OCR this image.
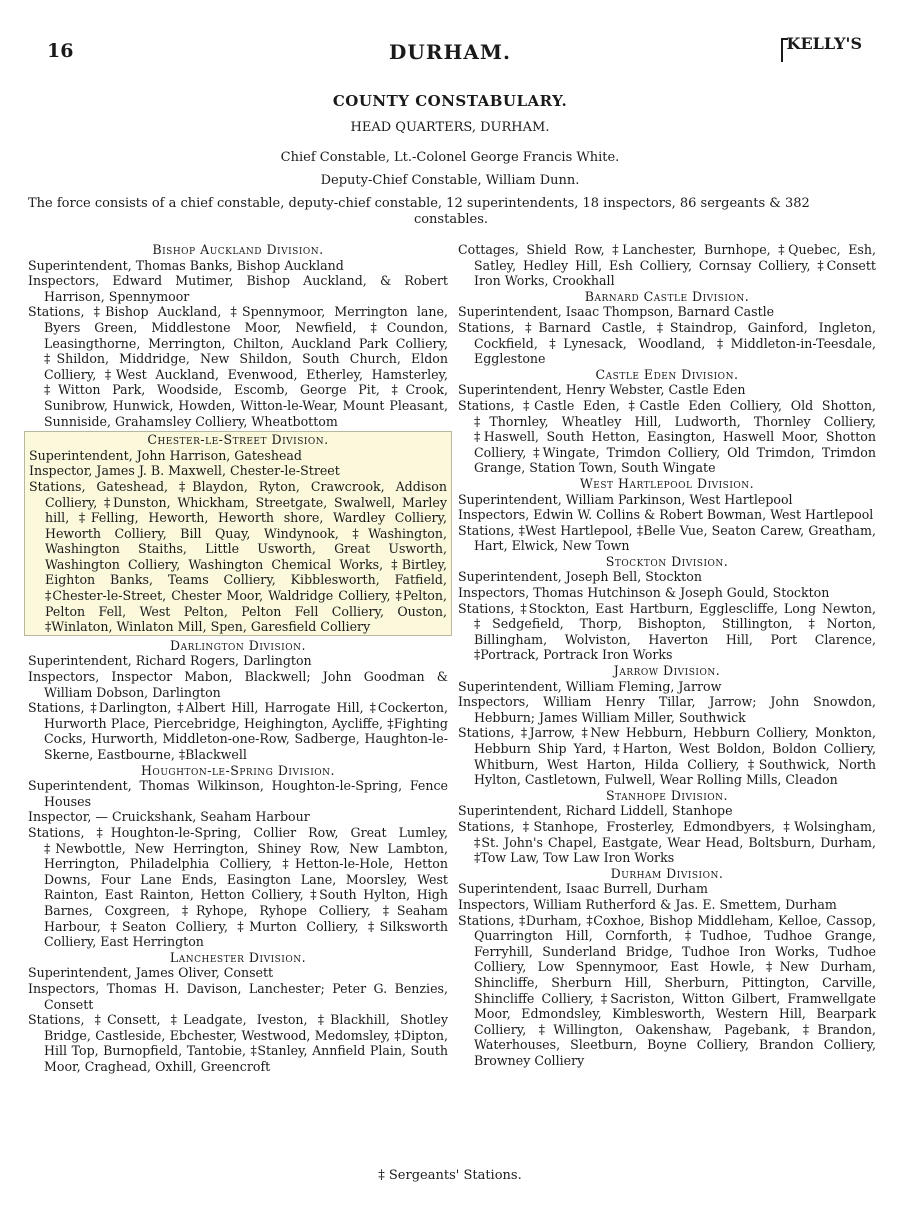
16	DURHAM.	KELLY'S
COUNTY CONSTABULARY.
HEAD QUARTERS, DURHAM.
Chief Constable, Lt.-Colonel George Francis White.
Deputy-Chief Constable, William Dunn.
The force consists of a chief constable, deputy-chief constable, 12 superintendents, 18 inspectors, 86 sergeants & 382
constables.

Bishop Auckland Division.

Superintendent, Thomas Banks, Bishop Auckland

Inspectors, Edward Mutimer, Bishop Auckland, & Robert Harrison, Spennymoor

Stations, ‡Bishop Auckland, ‡Spennymoor, Merrington lane, Byers Green, Middlestone Moor, Newfield, ‡Coundon, Leasingthorne, Merrington, Chilton, Auckland Park Colliery, ‡Shildon, Middridge, New Shildon, South Church, Eldon Colliery, ‡West Auckland, Evenwood, Etherley, Hamsterley, ‡Witton Park, Woodside, Escomb, George Pit, ‡Crook, Sunibrow, Hunwick, Howden, Witton-le-Wear, Mount Pleasant, Sunniside, Grahamsley Colliery, Wheatbottom

Chester-le-Street Division.

Superintendent, John Harrison, Gateshead

Inspector, James J. B. Maxwell, Chester-le-Street

Stations, Gateshead, ‡Blaydon, Ryton, Crawcrook, Addison Colliery, ‡Dunston, Whickham, Streetgate, Swalwell, Marley hill, ‡Felling, Heworth, Heworth shore, Wardley Colliery, Heworth Colliery, Bill Quay, Windynook, ‡Washington, Washington Staiths, Little Usworth, Great Usworth, Washington Colliery, Washington Chemical Works, ‡Birtley, Eighton Banks, Teams Colliery, Kibblesworth, Fatfield, ‡Chester-le-Street, Chester Moor, Waldridge Colliery, ‡Pelton, Pelton Fell, West Pelton, Pelton Fell Colliery, Ouston, ‡Winlaton, Winlaton Mill, Spen, Garesfield Colliery

Darlington Division.

Superintendent, Richard Rogers, Darlington

Inspectors, Inspector Mabon, Blackwell; John Goodman & William Dobson, Darlington

Stations, ‡Darlington, ‡Albert Hill, Harrogate Hill, ‡Cockerton, Hurworth Place, Piercebridge, Heighington, Aycliffe, ‡Fighting Cocks, Hurworth, Middleton-one-Row, Sadberge, Haughton-le-Skerne, Eastbourne, ‡Blackwell

Houghton-le-Spring Division.

Superintendent, Thomas Wilkinson, Houghton-le-Spring, Fence Houses

Inspector, — Cruickshank, Seaham Harbour

Stations, ‡Houghton-le-Spring, Collier Row, Great Lumley, ‡Newbottle, New Herrington, Shiney Row, New Lambton, Herrington, Philadelphia Colliery, ‡Hetton-le-Hole, Hetton Downs, Four Lane Ends, Easington Lane, Moorsley, West Rainton, East Rainton, Hetton Colliery, ‡South Hylton, High Barnes, Coxgreen, ‡Ryhope, Ryhope Colliery, ‡Seaham Harbour, ‡Seaton Colliery, ‡Murton Colliery, ‡Silksworth Colliery, East Herrington

Lanchester Division.

Superintendent, James Oliver, Consett

Inspectors, Thomas H. Davison, Lanchester; Peter G. Benzies, Consett

Stations, ‡Consett, ‡Leadgate, Iveston, ‡Blackhill, Shotley Bridge, Castleside, Ebchester, Westwood, Medomsley, ‡Dipton, Hill Top, Burnopfield, Tantobie, ‡Stanley, Annfield Plain, South Moor, Craghead, Oxhill, Greencroft

Cottages, Shield Row, ‡Lanchester, Burnhope, ‡Quebec, Esh, Satley, Hedley Hill, Esh Colliery, Cornsay Colliery, ‡Consett Iron Works, Crookhall

Barnard Castle Division.

Superintendent, Isaac Thompson, Barnard Castle

Stations, ‡Barnard Castle, ‡Staindrop, Gainford, Ingleton, Cockfield, ‡Lynesack, Woodland, ‡Middleton-in-Teesdale, Egglestone

Castle Eden Division.

Superintendent, Henry Webster, Castle Eden

Stations, ‡Castle Eden, ‡Castle Eden Colliery, Old Shotton, ‡Thornley, Wheatley Hill, Ludworth, Thornley Colliery, ‡Haswell, South Hetton, Easington, Haswell Moor, Shotton Colliery, ‡Wingate, Trimdon Colliery, Old Trimdon, Trimdon Grange, Station Town, South Wingate

West Hartlepool Division.

Superintendent, William Parkinson, West Hartlepool

Inspectors, Edwin W. Collins & Robert Bowman, West Hartlepool

Stations, ‡West Hartlepool, ‡Belle Vue, Seaton Carew, Greatham, Hart, Elwick, New Town

Stockton Division.

Superintendent, Joseph Bell, Stockton

Inspectors, Thomas Hutchinson & Joseph Gould, Stockton

Stations, ‡Stockton, East Hartburn, Egglescliffe, Long Newton, ‡Sedgefield, Thorp, Bishopton, Stillington, ‡Norton, Billingham, Wolviston, Haverton Hill, Port Clarence, ‡Portrack, Portrack Iron Works

Jarrow Division.

Superintendent, William Fleming, Jarrow

Inspectors, William Henry Tillar, Jarrow; John Snowdon, Hebburn; James William Miller, Southwick

Stations, ‡Jarrow, ‡New Hebburn, Hebburn Colliery, Monkton, Hebburn Ship Yard, ‡Harton, West Boldon, Boldon Colliery, Whitburn, West Harton, Hilda Colliery, ‡Southwick, North Hylton, Castletown, Fulwell, Wear Rolling Mills, Cleadon

Stanhope Division.

Superintendent, Richard Liddell, Stanhope

Stations, ‡Stanhope, Frosterley, Edmondbyers, ‡Wolsingham, ‡St. John's Chapel, Eastgate, Wear Head, Boltsburn, Durham, ‡Tow Law, Tow Law Iron Works

Durham Division.

Superintendent, Isaac Burrell, Durham

Inspectors, William Rutherford & Jas. E. Smettem, Durham

Stations, ‡Durham, ‡Coxhoe, Bishop Middleham, Kelloe, Cassop, Quarrington Hill, Cornforth, ‡Tudhoe, Tudhoe Grange, Ferryhill, Sunderland Bridge, Tudhoe Iron Works, Tudhoe Colliery, Low Spennymoor, East Howle, ‡New Durham, Shincliffe, Sherburn Hill, Sherburn, Pittington, Carville, Shincliffe Colliery, ‡Sacriston, Witton Gilbert, Framwellgate Moor, Edmondsley, Kimblesworth, Western Hill, Bearpark Colliery, ‡Willington, Oakenshaw, Pagebank, ‡Brandon, Waterhouses, Sleetburn, Boyne Colliery, Brandon Colliery, Browney Colliery

‡ Sergeants' Stations.
